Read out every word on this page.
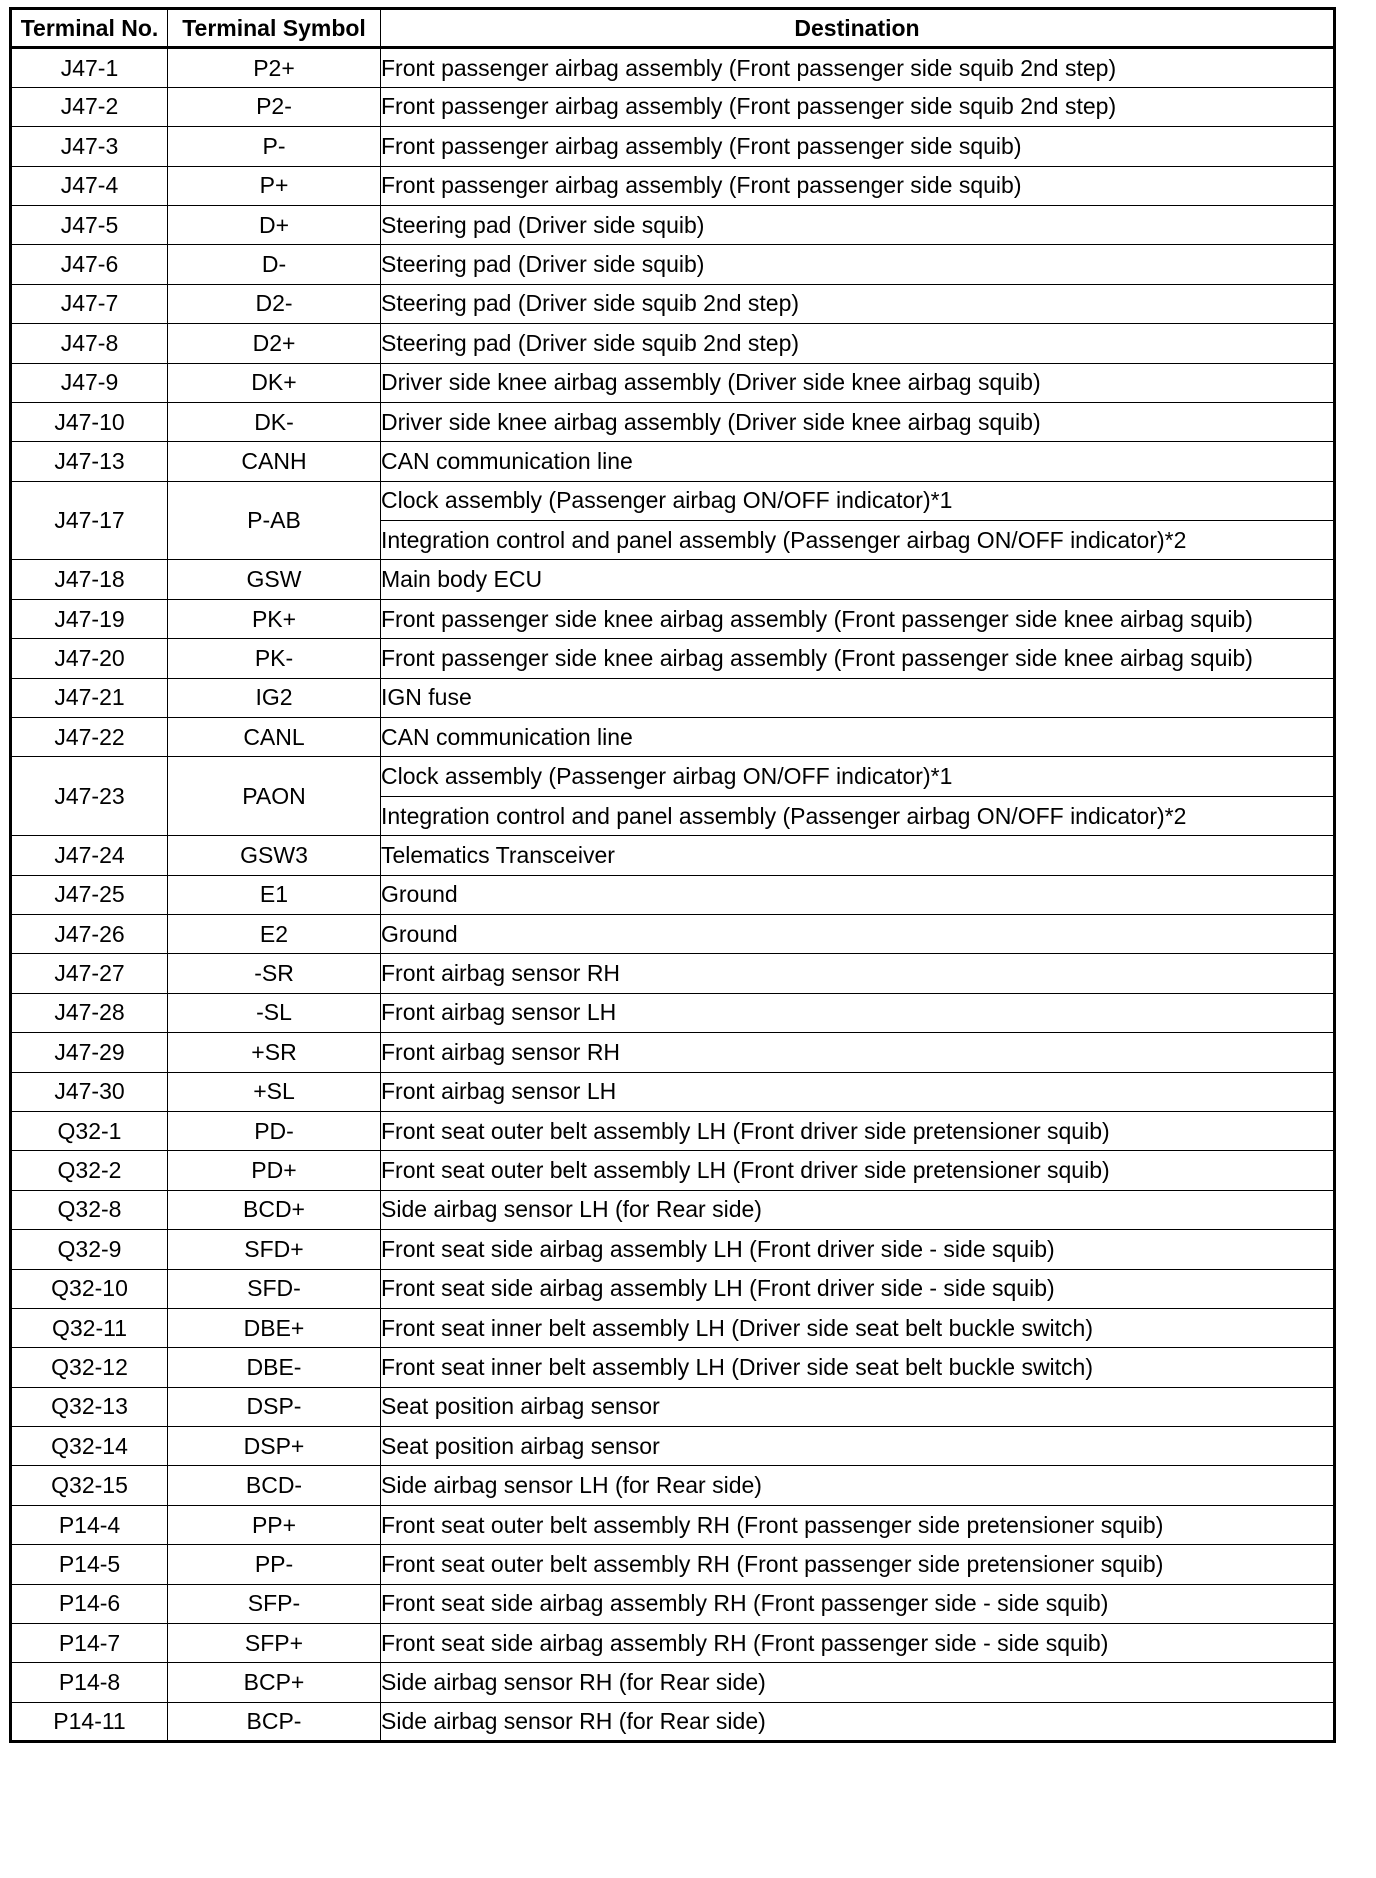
Terminal No.	Terminal Symbol	Destination
J47-1	P2+	Front passenger airbag assembly (Front passenger side squib 2nd step)
J47-2	P2-	Front passenger airbag assembly (Front passenger side squib 2nd step)
J47-3	P-	Front passenger airbag assembly (Front passenger side squib)
J47-4	P+	Front passenger airbag assembly (Front passenger side squib)
J47-5	D+	Steering pad (Driver side squib)
J47-6	D-	Steering pad (Driver side squib)
J47-7	D2-	Steering pad (Driver side squib 2nd step)
J47-8	D2+	Steering pad (Driver side squib 2nd step)
J47-9	DK+	Driver side knee airbag assembly (Driver side knee airbag squib)
J47-10	DK-	Driver side knee airbag assembly (Driver side knee airbag squib)
J47-13	CANH	CAN communication line
J47-17	P-AB	Clock assembly (Passenger airbag ON/OFF indicator)*1
		Integration control and panel assembly (Passenger airbag ON/OFF indicator)*2
J47-18	GSW	Main body ECU
J47-19	PK+	Front passenger side knee airbag assembly (Front passenger side knee airbag squib)
J47-20	PK-	Front passenger side knee airbag assembly (Front passenger side knee airbag squib)
J47-21	IG2	IGN fuse
J47-22	CANL	CAN communication line
J47-23	PAON	Clock assembly (Passenger airbag ON/OFF indicator)*1
		Integration control and panel assembly (Passenger airbag ON/OFF indicator)*2
J47-24	GSW3	Telematics Transceiver
J47-25	E1	Ground
J47-26	E2	Ground
J47-27	-SR	Front airbag sensor RH
J47-28	-SL	Front airbag sensor LH
J47-29	+SR	Front airbag sensor RH
J47-30	+SL	Front airbag sensor LH
Q32-1	PD-	Front seat outer belt assembly LH (Front driver side pretensioner squib)
Q32-2	PD+	Front seat outer belt assembly LH (Front driver side pretensioner squib)
Q32-8	BCD+	Side airbag sensor LH (for Rear side)
Q32-9	SFD+	Front seat side airbag assembly LH (Front driver side - side squib)
Q32-10	SFD-	Front seat side airbag assembly LH (Front driver side - side squib)
Q32-11	DBE+	Front seat inner belt assembly LH (Driver side seat belt buckle switch)
Q32-12	DBE-	Front seat inner belt assembly LH (Driver side seat belt buckle switch)
Q32-13	DSP-	Seat position airbag sensor
Q32-14	DSP+	Seat position airbag sensor
Q32-15	BCD-	Side airbag sensor LH (for Rear side)
P14-4	PP+	Front seat outer belt assembly RH (Front passenger side pretensioner squib)
P14-5	PP-	Front seat outer belt assembly RH (Front passenger side pretensioner squib)
P14-6	SFP-	Front seat side airbag assembly RH (Front passenger side - side squib)
P14-7	SFP+	Front seat side airbag assembly RH (Front passenger side - side squib)
P14-8	BCP+	Side airbag sensor RH (for Rear side)
P14-11	BCP-	Side airbag sensor RH (for Rear side)
